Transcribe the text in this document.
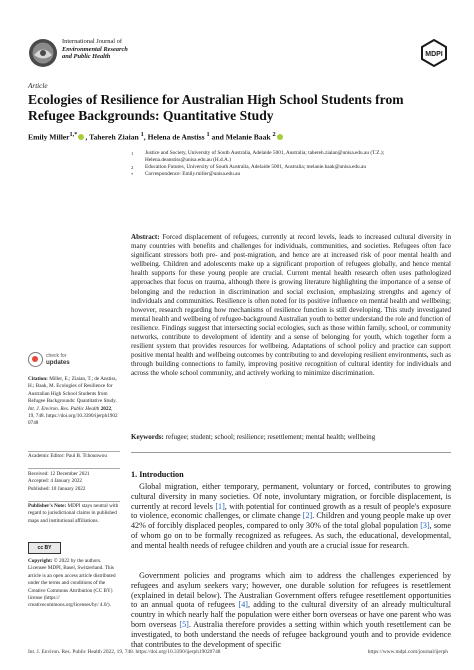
International Journal of
Environmental Research
and Public Health	MDPI
Article
Ecologies of Resilience for Australian High School Students from Refugee Backgrounds: Quantitative Study
Emily Miller$^{1,*}$ , Tahereh Ziaian $^1$, Helena de Anstiss $^1$ and Melanie Baak $^2$
1 Justice and Society, University of South Australia, Adelaide 5001, Australia; tahereh.ziaian@unisa.edu.au (T.Z.); Helena.deanstiss@unisa.edu.au (H.d.A.)
2 Education Futures, University of South Australia, Adelaide 5001, Australia; melanie.baak@unisa.edu.au
* Correspondence: Emily.miller@unisa.edu.au
check for
updates
Citation: Miller, E.; Ziaian, T.; de Anstiss, H.; Baak, M. Ecologies of Resilience for Australian High School Students from Refugee Backgrounds: Quantitative Study. Int. J. Environ. Res. Public Health 2022, 19, 748. https://doi.org/10.3390/ijerph19020748
Academic Editor: Paul B. Tchounwou
Received: 12 December 2021
Accepted: 4 January 2022
Published: 10 January 2022
Publisher's Note: MDPI stays neutral with regard to jurisdictional claims in published maps and institutional affiliations.
cc BY
Copyright: © 2022 by the authors. Licensee MDPI, Basel, Switzerland. This article is an open access article distributed under the terms and conditions of the Creative Commons Attribution (CC BY) license (https:// creativecommons.org/licenses/by/ 4.0/).
Abstract: Forced displacement of refugees, currently at record levels, leads to increased cultural diversity in many countries with benefits and challenges for individuals, communities, and societies. Refugees often face significant stressors both pre- and post-migration, and hence are at increased risk of poor mental health and wellbeing. Children and adolescents make up a significant proportion of refugees globally, and hence mental health supports for these young people are crucial. Current mental health research often uses pathologized approaches that focus on trauma, although there is growing literature highlighting the importance of a sense of belonging and the reduction in discrimination and social exclusion, emphasizing strengths and agency of individuals and communities. Resilience is often noted for its positive influence on mental health and wellbeing; however, research regarding how mechanisms of resilience function is still developing. This study investigated mental health and wellbeing of refugee-background Australian youth to better understand the role and function of resilience. Findings suggest that intersecting social ecologies, such as those within family, school, or community networks, contribute to development of identity and a sense of belonging for youth, which together form a resilient system that provides resources for wellbeing. Adaptations of school policy and practice can support positive mental health and wellbeing outcomes by contributing to and developing resilient environments, such as through building connections to family, improving positive recognition of cultural identity for individuals and across the whole school community, and actively working to minimize discrimination.
Keywords: refugee; student; school; resilience; resettlement; mental health; wellbeing
1. Introduction
 Global migration, either temporary, permanent, voluntary or forced, contributes to growing cultural diversity in many societies. Of note, involuntary migration, or forcible displacement, is currently at record levels [1], with potential for continued growth as a result of people's exposure to violence, economic challenges, or climate change [2]. Children and young people make up over 42% of forcibly displaced peoples, compared to only 30% of the total global population [3], some of whom go on to be formally recognized as refugees. As such, the educational, developmental, and mental health needs of refugee children and youth are a crucial issue for research.
 Government policies and programs which aim to address the challenges experienced by refugees and asylum seekers vary; however, one durable solution for refugees is resettlement (explained in detail below). The Australian Government offers refugee resettlement opportunities to an annual quota of refugees [4], adding to the cultural diversity of an already multicultural country in which nearly half the population were either born overseas or have one parent who was born overseas [5]. Australia therefore provides a setting within which youth resettlement can be investigated, to both understand the needs of refugee background youth and to provide evidence that contributes to the development of specific
Int. J. Environ. Res. Public Health 2022, 19, 748. https://doi.org/10.3390/ijerph19020748	https://www.mdpi.com/journal/ijerph
